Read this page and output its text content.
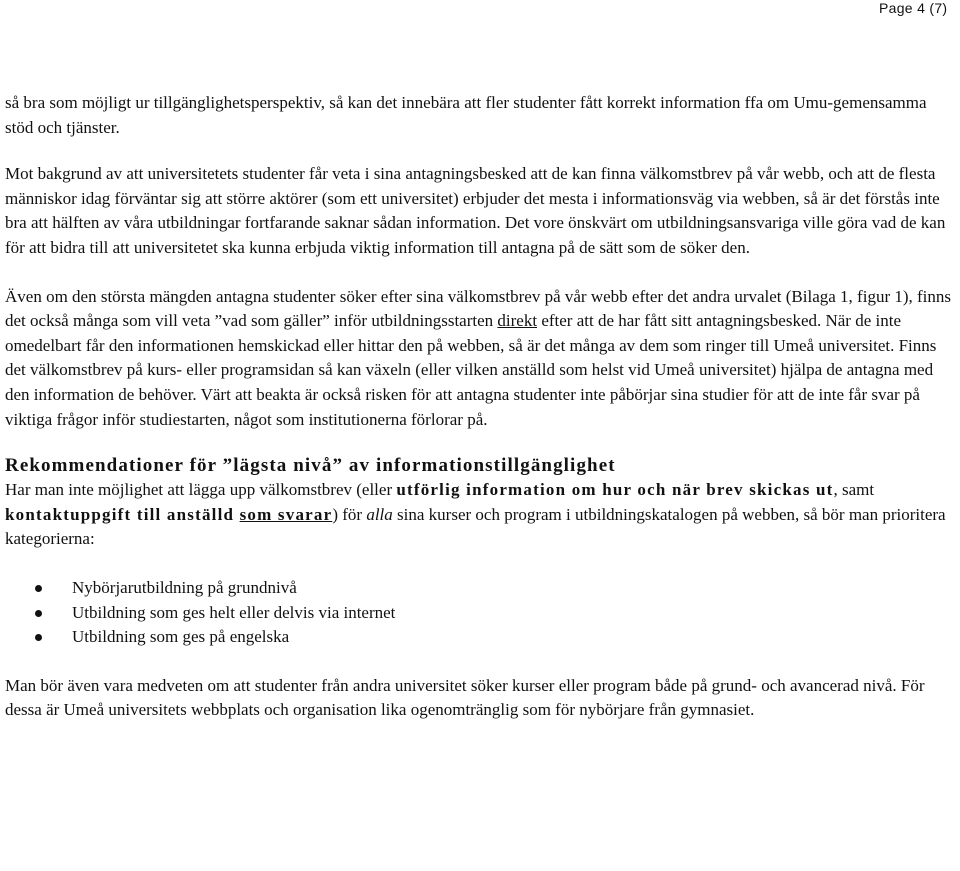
Page 4 (7)

så bra som möjligt ur tillgänglighetsperspektiv, så kan det innebära att fler studenter fått korrekt information ffa om Umu-gemensamma stöd och tjänster.

Mot bakgrund av att universitetets studenter får veta i sina antagningsbesked att de kan finna välkomstbrev på vår webb, och att de flesta människor idag förväntar sig att större aktörer (som ett universitet) erbjuder det mesta i informationsväg via webben, så är det förstås inte bra att hälften av våra utbildningar fortfarande saknar sådan information. Det vore önskvärt om utbildningsansvariga ville göra vad de kan för att bidra till att universitetet ska kunna erbjuda viktig information till antagna på de sätt som de söker den.

Även om den största mängden antagna studenter söker efter sina välkomstbrev på vår webb efter det andra urvalet (Bilaga 1, figur 1), finns det också många som vill veta ”vad som gäller” inför utbildningsstarten direkt efter att de har fått sitt antagningsbesked. När de inte omedelbart får den informationen hemskickad eller hittar den på webben, så är det många av dem som ringer till Umeå universitet. Finns det välkomstbrev på kurs- eller programsidan så kan växeln (eller vilken anställd som helst vid Umeå universitet) hjälpa de antagna med den information de behöver. Värt att beakta är också risken för att antagna studenter inte påbörjar sina studier för att de inte får svar på viktiga frågor inför studiestarten, något som institutionerna förlorar på.

Rekommendationer för ”lägsta nivå” av informationstillgänglighet

Har man inte möjlighet att lägga upp välkomstbrev (eller utförlig information om hur och när brev skickas ut, samt kontaktuppgift till anställd som svarar) för alla sina kurser och program i utbildningskatalogen på webben, så bör man prioritera kategorierna:

Nybörjarutbildning på grundnivå
Utbildning som ges helt eller delvis via internet
Utbildning som ges på engelska

Man bör även vara medveten om att studenter från andra universitet söker kurser eller program både på grund- och avancerad nivå. För dessa är Umeå universitets webbplats och organisation lika ogenomtränglig som för nybörjare från gymnasiet.
